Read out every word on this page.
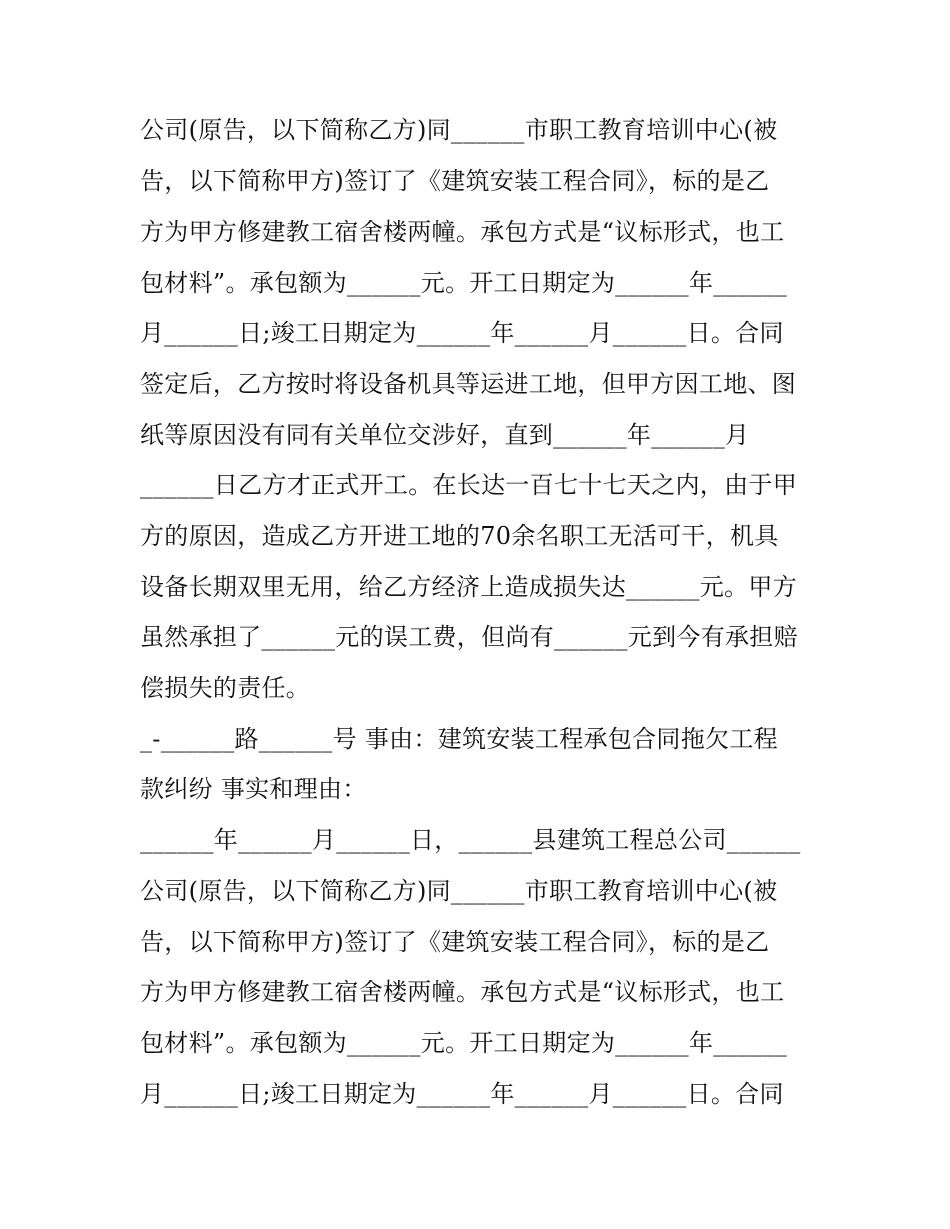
公司(原告，以下简称乙方)同______市职工教育培训中心(被
告，以下简称甲方)签订了《建筑安装工程合同》，标的是乙
方为甲方修建教工宿舍楼两幢。承包方式是“议标形式，也工
包材料”。承包额为______元。开工日期定为______年______
月______日;竣工日期定为______年______月______日。合同
签定后，乙方按时将设备机具等运进工地，但甲方因工地、图
纸等原因没有同有关单位交涉好，直到______年______月
______日乙方才正式开工。在长达一百七十七天之内，由于甲
方的原因，造成乙方开进工地的70余名职工无活可干，机具
设备长期双里无用，给乙方经济上造成损失达______元。甲方
虽然承担了______元的误工费，但尚有______元到今有承担赔
偿损失的责任。
_-______路______号 事由：建筑安装工程承包合同拖欠工程
款纠纷 事实和理由：
______年______月______日，______县建筑工程总公司______
公司(原告，以下简称乙方)同______市职工教育培训中心(被
告，以下简称甲方)签订了《建筑安装工程合同》，标的是乙
方为甲方修建教工宿舍楼两幢。承包方式是“议标形式，也工
包材料”。承包额为______元。开工日期定为______年______
月______日;竣工日期定为______年______月______日。合同
